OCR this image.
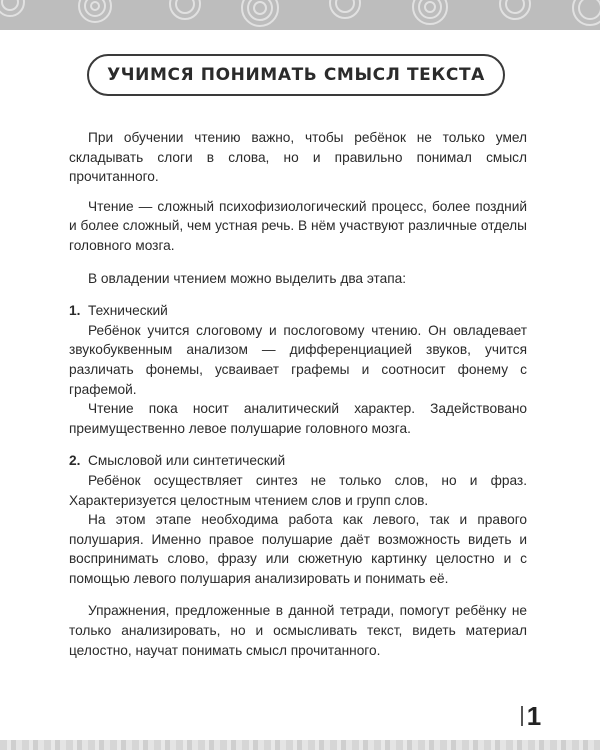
УЧИМСЯ ПОНИМАТЬ СМЫСЛ ТЕКСТА

При обучении чтению важно, чтобы ребёнок не только умел складывать слоги в слова, но и правильно понимал смысл прочитанного.

Чтение — сложный психофизиологический процесс, более поздний и более сложный, чем устная речь. В нём участвуют различные отделы головного мозга.

В овладении чтением можно выделить два этапа:

1. Технический

Ребёнок учится слоговому и послоговому чтению. Он овладевает звукобуквенным анализом — дифференциацией звуков, учится различать фонемы, усваивает графемы и соотносит фонему с графемой.

Чтение пока носит аналитический характер. Задействовано преимущественно левое полушарие головного мозга.

2. Смысловой или синтетический

Ребёнок осуществляет синтез не только слов, но и фраз. Характеризуется целостным чтением слов и групп слов.

На этом этапе необходима работа как левого, так и правого полушария. Именно правое полушарие даёт возможность видеть и воспринимать слово, фразу или сюжетную картинку целостно и с помощью левого полушария анализировать и понимать её.

Упражнения, предложенные в данной тетради, помогут ребёнку не только анализировать, но и осмысливать текст, видеть материал целостно, научат понимать смысл прочитанного.

1
